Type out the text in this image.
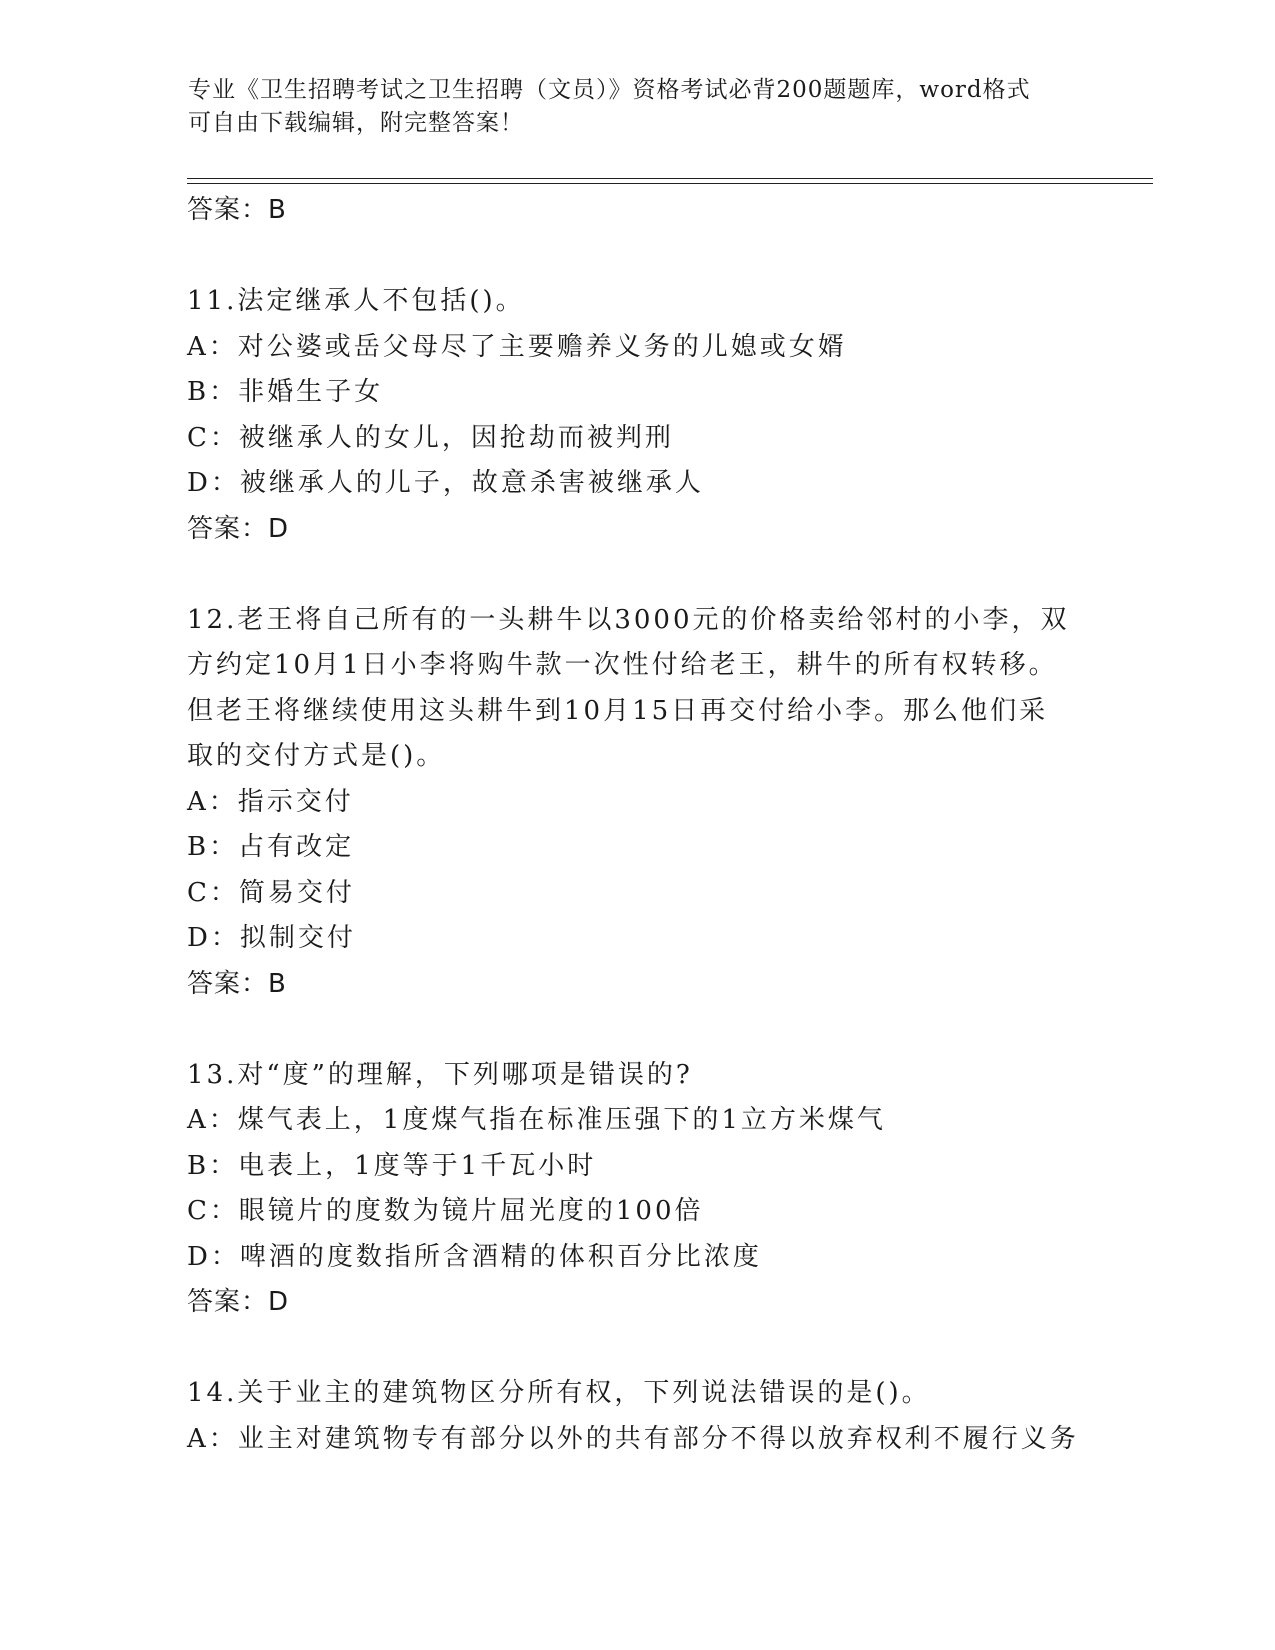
专业《卫生招聘考试之卫生招聘（文员）》资格考试必背200题题库，word格式
可自由下载编辑，附完整答案！
答案：B
11.法定继承人不包括()。
A：对公婆或岳父母尽了主要赡养义务的儿媳或女婿
B：非婚生子女
C：被继承人的女儿，因抢劫而被判刑
D：被继承人的儿子，故意杀害被继承人
答案：D
12.老王将自己所有的一头耕牛以3000元的价格卖给邻村的小李，双
方约定10月1日小李将购牛款一次性付给老王，耕牛的所有权转移。
但老王将继续使用这头耕牛到10月15日再交付给小李。那么他们采
取的交付方式是()。
A：指示交付
B：占有改定
C：简易交付
D：拟制交付
答案：B
13.对“度”的理解，下列哪项是错误的?
A：煤气表上，1度煤气指在标准压强下的1立方米煤气
B：电表上，1度等于1千瓦小时
C：眼镜片的度数为镜片屈光度的100倍
D：啤酒的度数指所含酒精的体积百分比浓度
答案：D
14.关于业主的建筑物区分所有权，下列说法错误的是()。
A：业主对建筑物专有部分以外的共有部分不得以放弃权利不履行义务
